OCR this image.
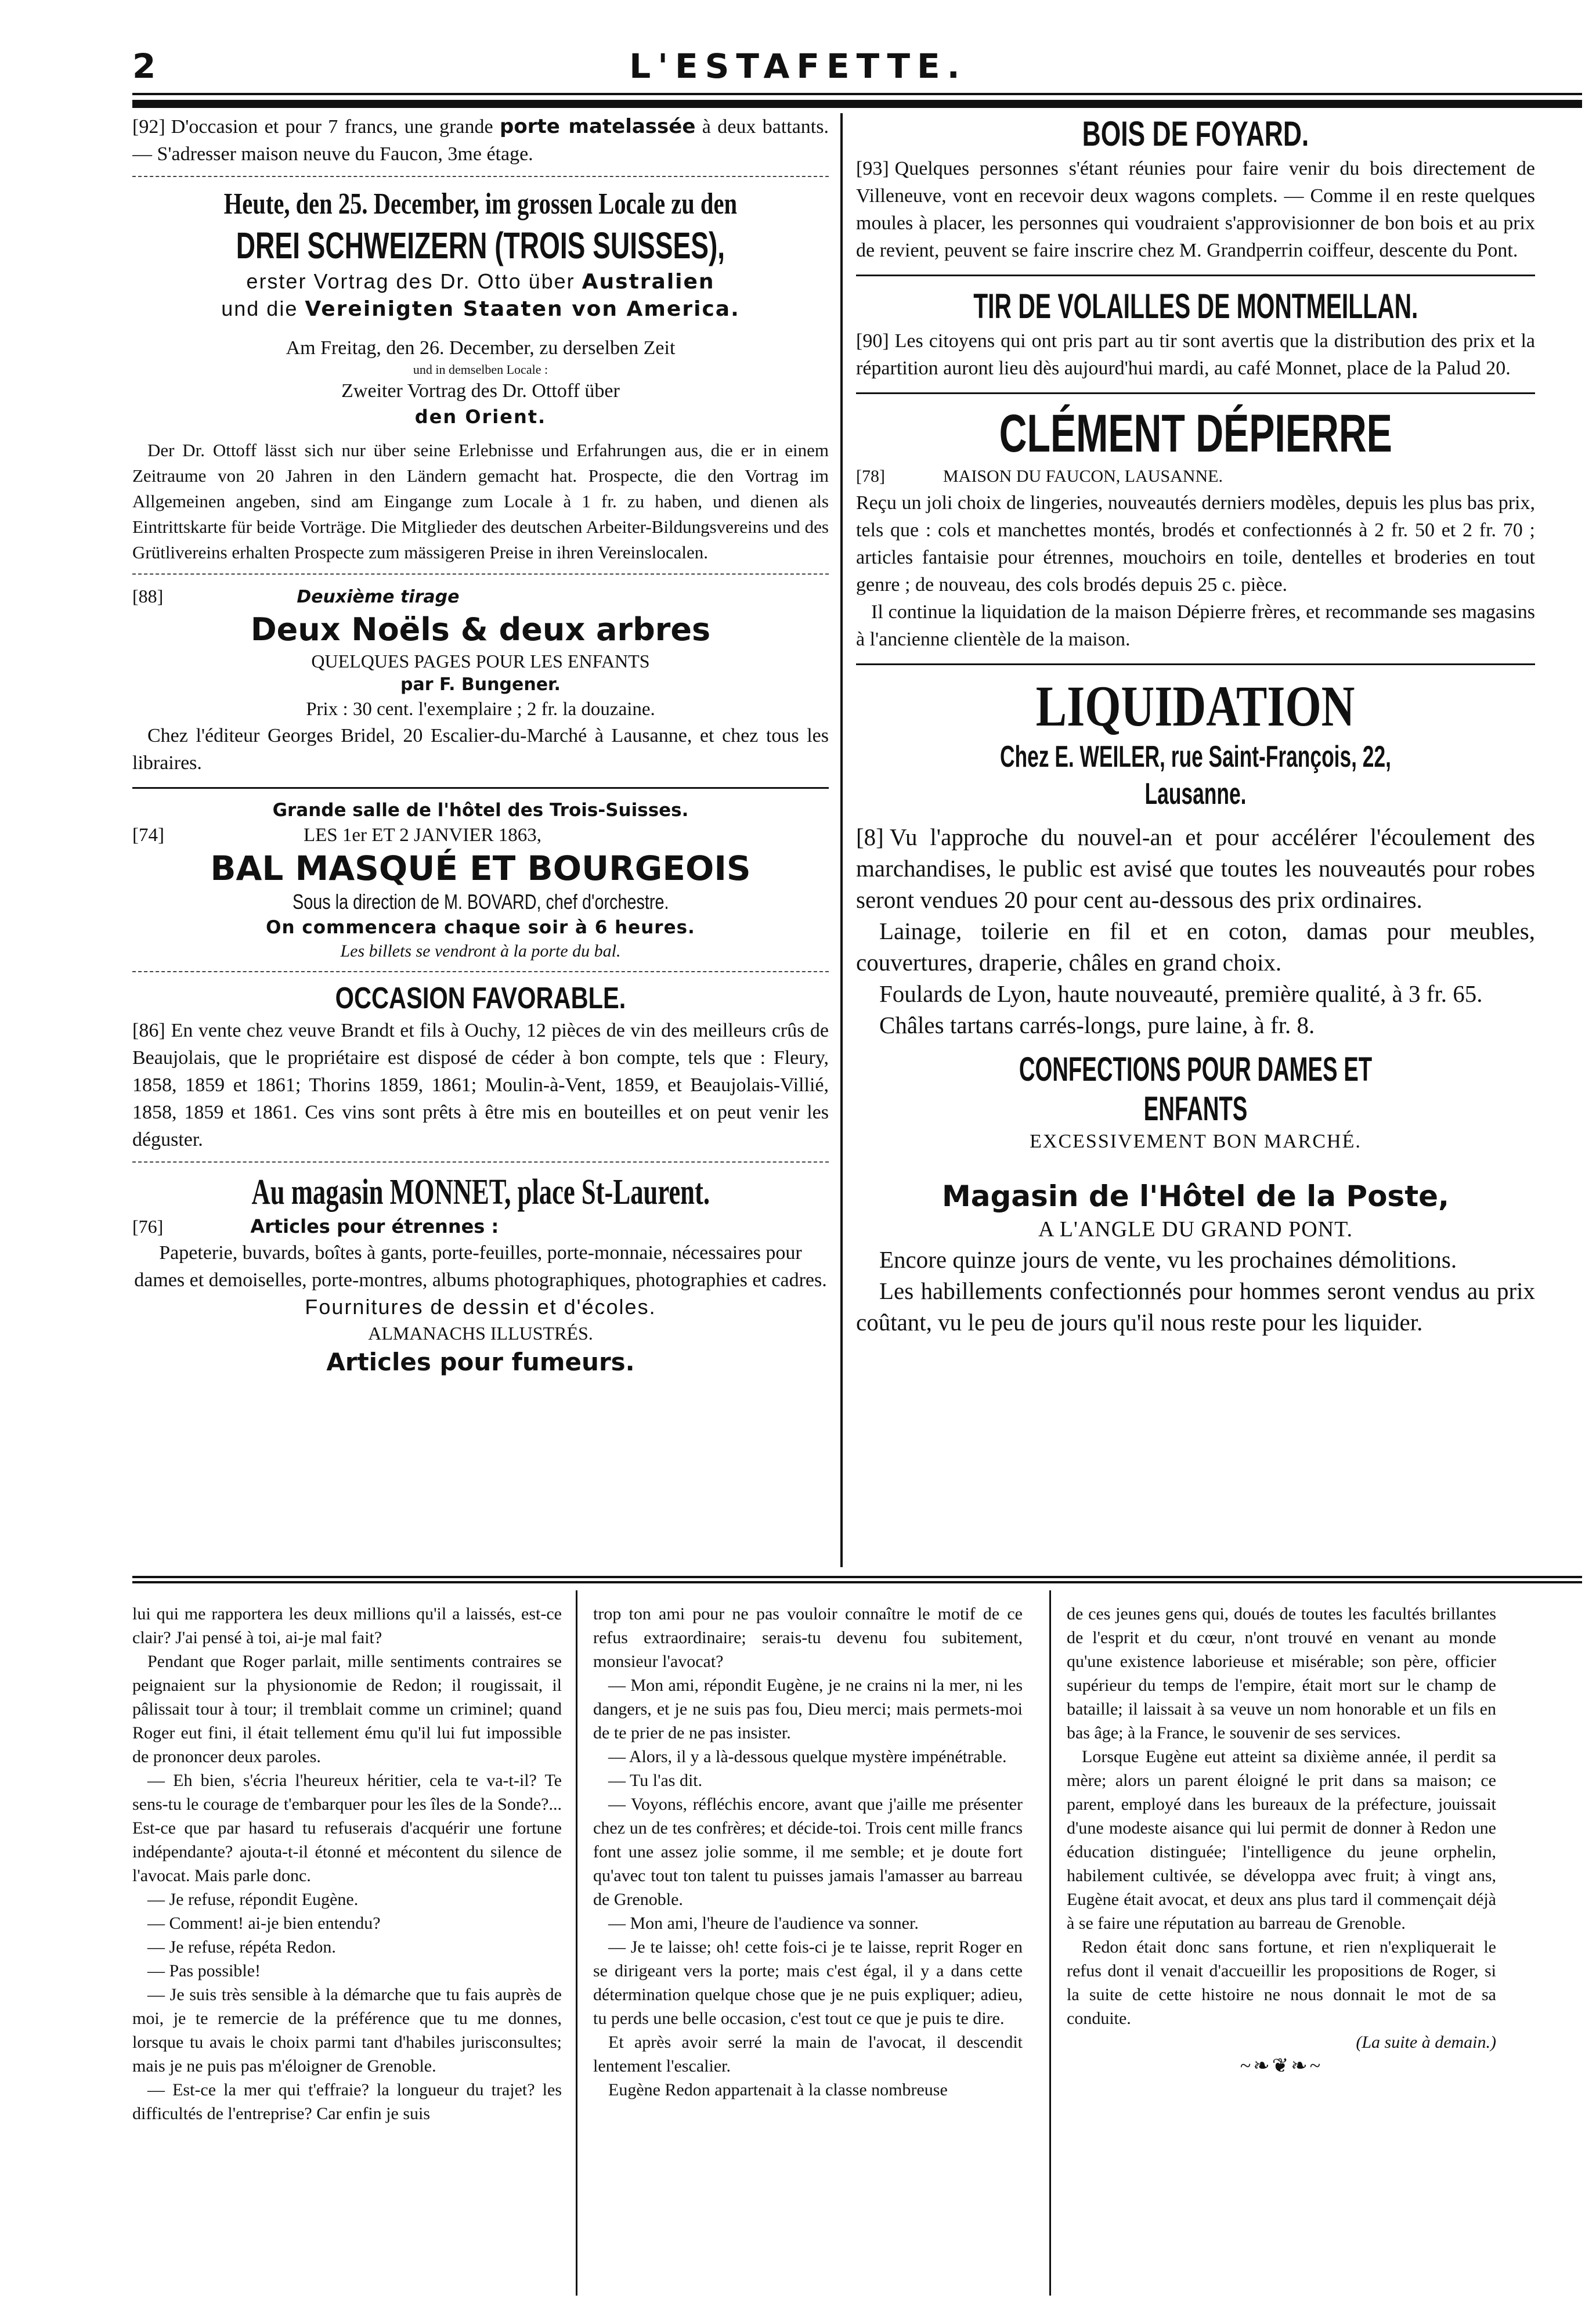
2	L'ESTAFETTE.
[92] D'occasion et pour 7 francs, une grande porte matelassée à deux battants. — S'adresser maison neuve du Faucon, 3me étage.

Heute, den 25. December, im grossen Locale zu den

DREI SCHWEIZERN (TROIS SUISSES),

erster Vortrag des Dr. Otto über Australien

und die Vereinigten Staaten von America.

Am Freitag, den 26. December, zu derselben Zeit

und in demselben Locale :

Zweiter Vortrag des Dr. Ottoff über

den Orient.

Der Dr. Ottoff lässt sich nur über seine Erlebnisse und Erfahrungen aus, die er in einem Zeitraume von 20 Jahren in den Ländern gemacht hat. Prospecte, die den Vortrag im Allgemeinen angeben, sind am Eingange zum Locale à 1 fr. zu haben, und dienen als Eintrittskarte für beide Vorträge. Die Mitglieder des deutschen Arbeiter-Bildungsvereins und des Grütlivereins erhalten Prospecte zum mässigeren Preise in ihren Vereinslocalen.

[88]	Deuxième tirage

Deux Noëls & deux arbres

QUELQUES PAGES POUR LES ENFANTS

par F. Bungener.

Prix : 30 cent. l'exemplaire ; 2 fr. la douzaine.

Chez l'éditeur Georges Bridel, 20 Escalier-du-Marché à Lausanne, et chez tous les libraires.

Grande salle de l'hôtel des Trois-Suisses.

[74]	LES 1er ET 2 JANVIER 1863,

BAL MASQUÉ ET BOURGEOIS

Sous la direction de M. BOVARD, chef d'orchestre.

On commencera chaque soir à 6 heures.

Les billets se vendront à la porte du bal.

OCCASION FAVORABLE.

[86] En vente chez veuve Brandt et fils à Ouchy, 12 pièces de vin des meilleurs crûs de Beaujolais, que le propriétaire est disposé de céder à bon compte, tels que : Fleury, 1858, 1859 et 1861; Thorins 1859, 1861; Moulin-à-Vent, 1859, et Beaujolais-Villié, 1858, 1859 et 1861. Ces vins sont prêts à être mis en bouteilles et on peut venir les déguster.

Au magasin MONNET, place St-Laurent.

[76]	Articles pour étrennes :

Papeterie, buvards, boîtes à gants, porte-feuilles, porte-monnaie, nécessaires pour dames et demoiselles, porte-montres, albums photographiques, photographies et cadres.

Fournitures de dessin et d'écoles.

ALMANACHS ILLUSTRÉS.

Articles pour fumeurs.

BOIS DE FOYARD.

[93] Quelques personnes s'étant réunies pour faire venir du bois directement de Villeneuve, vont en recevoir deux wagons complets. — Comme il en reste quelques moules à placer, les personnes qui voudraient s'approvisionner de bon bois et au prix de revient, peuvent se faire inscrire chez M. Grandperrin coiffeur, descente du Pont.

TIR DE VOLAILLES DE MONTMEILLAN.

[90] Les citoyens qui ont pris part au tir sont avertis que la distribution des prix et la répartition auront lieu dès aujourd'hui mardi, au café Monnet, place de la Palud 20.

CLÉMENT DÉPIERRE

[78]	MAISON DU FAUCON, LAUSANNE.

Reçu un joli choix de lingeries, nouveautés derniers modèles, depuis les plus bas prix, tels que : cols et manchettes montés, brodés et confectionnés à 2 fr. 50 et 2 fr. 70 ; articles fantaisie pour étrennes, mouchoirs en toile, dentelles et broderies en tout genre ; de nouveau, des cols brodés depuis 25 c. pièce.

Il continue la liquidation de la maison Dépierre frères, et recommande ses magasins à l'ancienne clientèle de la maison.

LIQUIDATION

Chez E. WEILER, rue Saint-François, 22, Lausanne.

[8] Vu l'approche du nouvel-an et pour accélérer l'écoulement des marchandises, le public est avisé que toutes les nouveautés pour robes seront vendues 20 pour cent au-dessous des prix ordinaires.

Lainage, toilerie en fil et en coton, damas pour meubles, couvertures, draperie, châles en grand choix.

Foulards de Lyon, haute nouveauté, première qualité, à 3 fr. 65.

Châles tartans carrés-longs, pure laine, à fr. 8.

CONFECTIONS POUR DAMES ET ENFANTS

EXCESSIVEMENT BON MARCHÉ.

Magasin de l'Hôtel de la Poste,

A L'ANGLE DU GRAND PONT.

Encore quinze jours de vente, vu les prochaines démolitions.

Les habillements confectionnés pour hommes seront vendus au prix coûtant, vu le peu de jours qu'il nous reste pour les liquider.

lui qui me rapportera les deux millions qu'il a laissés, est-ce clair? J'ai pensé à toi, ai-je mal fait?

Pendant que Roger parlait, mille sentiments contraires se peignaient sur la physionomie de Redon; il rougissait, il pâlissait tour à tour; il tremblait comme un criminel; quand Roger eut fini, il était tellement ému qu'il lui fut impossible de prononcer deux paroles.

— Eh bien, s'écria l'heureux héritier, cela te va-t-il? Te sens-tu le courage de t'embarquer pour les îles de la Sonde?... Est-ce que par hasard tu refuserais d'acquérir une fortune indépendante? ajouta-t-il étonné et mécontent du silence de l'avocat. Mais parle donc.

— Je refuse, répondit Eugène.

— Comment! ai-je bien entendu?

— Je refuse, répéta Redon.

— Pas possible!

— Je suis très sensible à la démarche que tu fais auprès de moi, je te remercie de la préférence que tu me donnes, lorsque tu avais le choix parmi tant d'habiles jurisconsultes; mais je ne puis pas m'éloigner de Grenoble.

— Est-ce la mer qui t'effraie? la longueur du trajet? les difficultés de l'entreprise? Car enfin je suis

trop ton ami pour ne pas vouloir connaître le motif de ce refus extraordinaire; serais-tu devenu fou subitement, monsieur l'avocat?

— Mon ami, répondit Eugène, je ne crains ni la mer, ni les dangers, et je ne suis pas fou, Dieu merci; mais permets-moi de te prier de ne pas insister.

— Alors, il y a là-dessous quelque mystère impénétrable.

— Tu l'as dit.

— Voyons, réfléchis encore, avant que j'aille me présenter chez un de tes confrères; et décide-toi. Trois cent mille francs font une assez jolie somme, il me semble; et je doute fort qu'avec tout ton talent tu puisses jamais l'amasser au barreau de Grenoble.

— Mon ami, l'heure de l'audience va sonner.

— Je te laisse; oh! cette fois-ci je te laisse, reprit Roger en se dirigeant vers la porte; mais c'est égal, il y a dans cette détermination quelque chose que je ne puis expliquer; adieu, tu perds une belle occasion, c'est tout ce que je puis te dire.

Et après avoir serré la main de l'avocat, il descendit lentement l'escalier.

Eugène Redon appartenait à la classe nombreuse

de ces jeunes gens qui, doués de toutes les facultés brillantes de l'esprit et du cœur, n'ont trouvé en venant au monde qu'une existence laborieuse et misérable; son père, officier supérieur du temps de l'empire, était mort sur le champ de bataille; il laissait à sa veuve un nom honorable et un fils en bas âge; à la France, le souvenir de ses services.

Lorsque Eugène eut atteint sa dixième année, il perdit sa mère; alors un parent éloigné le prit dans sa maison; ce parent, employé dans les bureaux de la préfecture, jouissait d'une modeste aisance qui lui permit de donner à Redon une éducation distinguée; l'intelligence du jeune orphelin, habilement cultivée, se développa avec fruit; à vingt ans, Eugène était avocat, et deux ans plus tard il commençait déjà à se faire une réputation au barreau de Grenoble.

Redon était donc sans fortune, et rien n'expliquerait le refus dont il venait d'accueillir les propositions de Roger, si la suite de cette histoire ne nous donnait le mot de sa conduite.

(La suite à demain.)

~❧❦❧~
